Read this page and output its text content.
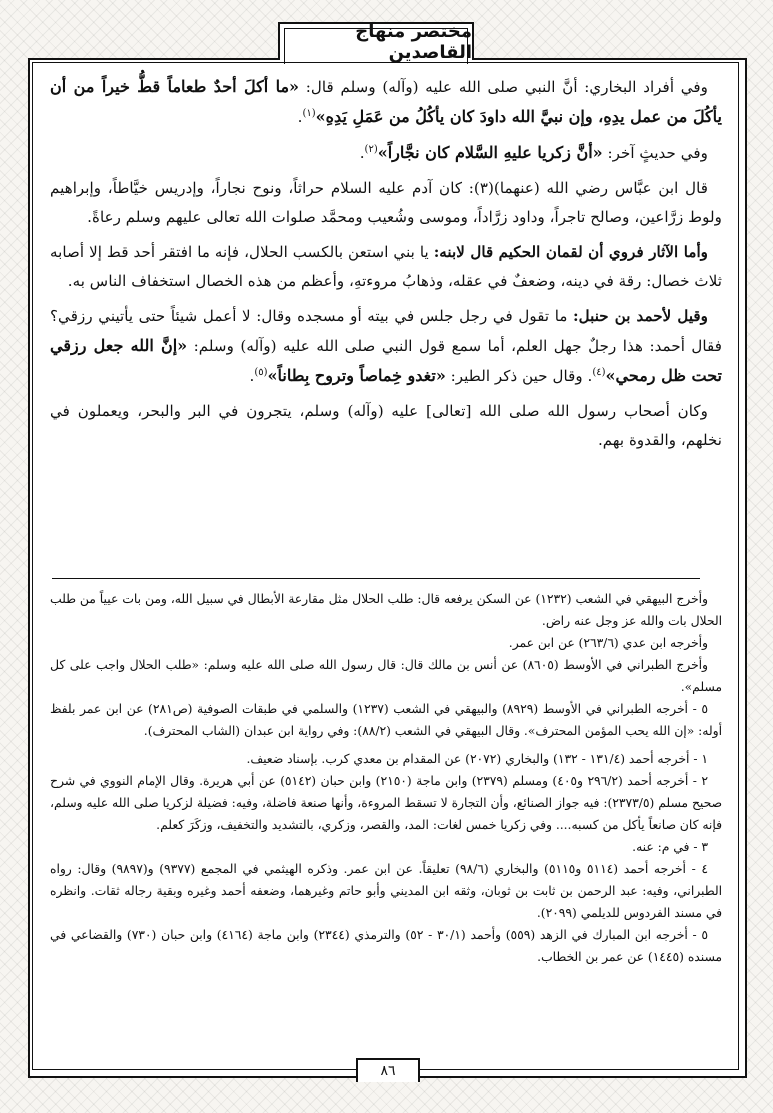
مختصر منهاج القاصدين

وفي أفراد البخاري: أنَّ النبي صلى الله عليه (وآله) وسلم قال: «ما أكلَ أحدٌ طعاماً قطُّ خيراً من أن يأكُلَ من عمل يدِهِ، وإن نبيَّ الله داودَ كان يأكُلُ من عَمَلِ يَدِهِ»$^{(١)}$.

وفي حديثٍ آخر: «أنَّ زكريا عليهِ السَّلام كان نجَّاراً»$^{(٢)}$.

قال ابن عبَّاس رضي الله (عنهما)(٣): كان آدم عليه السلام حراثاً، ونوح نجاراً، وإدريس خيَّاطاً، وإبراهيم ولوط زرَّاعين، وصالح تاجراً، وداود زرَّاداً، وموسى وشُعيب ومحمَّد صلوات الله تعالى عليهم وسلم رعاةً.

وأما الآثار فروي أن لقمان الحكيم قال لابنه: يا بني استعن بالكسب الحلال، فإنه ما افتقر أحد قط إلا أصابه ثلاث خصال: رقة في دينه، وضعفٌ في عقله، وذهابُ مروءتهِ، وأعظم من هذه الخصال استخفاف الناس به.

وقيل لأحمد بن حنبل: ما تقول في رجل جلس في بيته أو مسجده وقال: لا أعمل شيئاً حتى يأتيني رزقي؟ فقال أحمد: هذا رجلٌ جهل العلم، أما سمع قول النبي صلى الله عليه (وآله) وسلم: «إنَّ الله جعل رزقي تحت ظل رمحي»$^{(٤)}$. وقال حين ذكر الطير: «تغدو خِماصاً وتروح بِطاناً»$^{(٥)}$.

وكان أصحاب رسول الله صلى الله [تعالى] عليه (وآله) وسلم، يتجرون في البر والبحر، ويعملون في نخلهم، والقدوة بهم.

وأخرج البيهقي في الشعب (١٢٣٢) عن السكن يرفعه قال: طلب الحلال مثل مقارعة الأبطال في سبيل الله، ومن بات عيياً من طلب الحلال بات والله عز وجل عنه راض.

وأخرجه ابن عدي (٢٦٣/٦) عن ابن عمر.

وأخرج الطبراني في الأوسط (٨٦٠٥) عن أنس بن مالك قال: قال رسول الله صلى الله عليه وسلم: «طلب الحلال واجب على كل مسلم».

٥ - أخرجه الطبراني في الأوسط (٨٩٢٩) والبيهقي في الشعب (١٢٣٧) والسلمي في طبقات الصوفية (ص٢٨١) عن ابن عمر بلفظ أوله: «إن الله يحب المؤمن المحترف». وقال البيهقي في الشعب (٨٨/٢): وفي رواية ابن عبدان (الشاب المحترف).

١ - أخرجه أحمد (١٣١/٤ - ١٣٢) والبخاري (٢٠٧٢) عن المقدام بن معدي كرب. بإسناد ضعيف.

٢ - أخرجه أحمد (٢٩٦/٢ و٤٠٥) ومسلم (٢٣٧٩) وابن ماجة (٢١٥٠) وابن حبان (٥١٤٢) عن أبي هريرة. وقال الإمام النووي في شرح صحيح مسلم (٢٣٧٣/٥): فيه جواز الصنائع، وأن التجارة لا تسقط المروءة، وأنها صنعة فاضلة، وفيه: فضيلة لزكريا صلى الله عليه وسلم، فإنه كان صانعاً يأكل من كسبه.... وفي زكريا خمس لغات: المد، والقصر، وزكري، بالتشديد والتخفيف، وزكَرَ كعلم.

٣ - في م: عنه.

٤ - أخرجه أحمد (٥١١٤ و٥١١٥) والبخاري (٩٨/٦) تعليقاً. عن ابن عمر. وذكره الهيثمي في المجمع (٩٣٧٧) و(٩٨٩٧) وقال: رواه الطبراني، وفيه: عبد الرحمن بن ثابت بن ثوبان، وثقه ابن المديني وأبو حاتم وغيرهما، وضعفه أحمد وغيره وبقية رجاله ثقات. وانظره في مسند الفردوس للديلمي (٢٠٩٩).

٥ - أخرجه ابن المبارك في الزهد (٥٥٩) وأحمد (٣٠/١ - ٥٢) والترمذي (٢٣٤٤) وابن ماجة (٤١٦٤) وابن حبان (٧٣٠) والقضاعي في مسنده (١٤٤٥) عن عمر بن الخطاب.

٨٦
